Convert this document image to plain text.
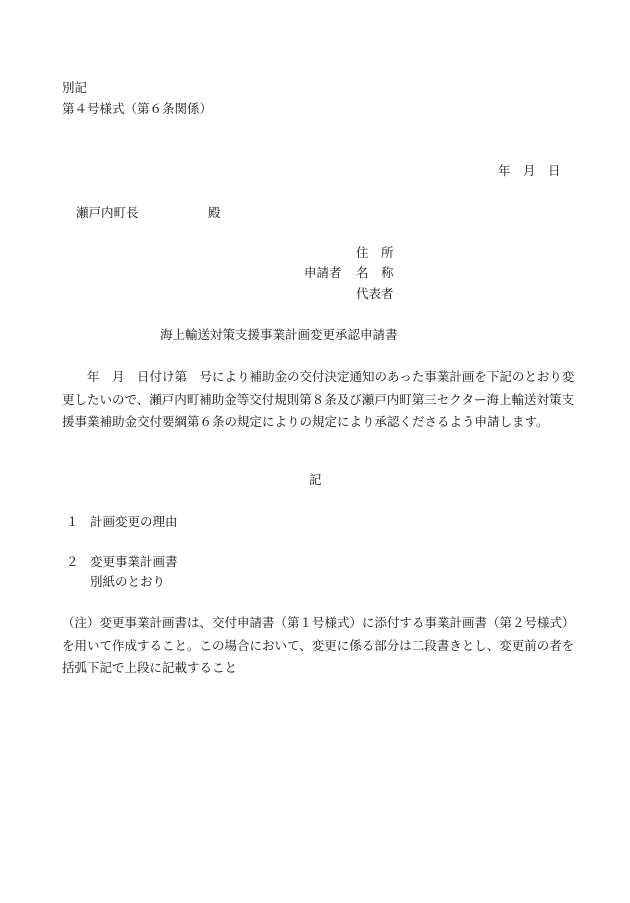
別記
第４号様式（第６条関係）
年　月　日
瀬戸内町長	殿
住　所
申請者 名　称
代表者
海上輸送対策支援事業計画変更承認申請書
年　月　日付け第　号により補助金の交付決定通知のあった事業計画を下記のとおり変更したいので、瀬戸内町補助金等交付規則第８条及び瀬戸内町第三セクター海上輸送対策支援事業補助金交付要綱第６条の規定によりの規定により承認くださるよう申請します。
記
１ 計画変更の理由
２ 変更事業計画書
別紙のとおり
（注）変更事業計画書は、交付申請書（第１号様式）に添付する事業計画書（第２号様式）を用いて作成すること。この場合において、変更に係る部分は二段書きとし、変更前の者を括弧下記で上段に記載すること
